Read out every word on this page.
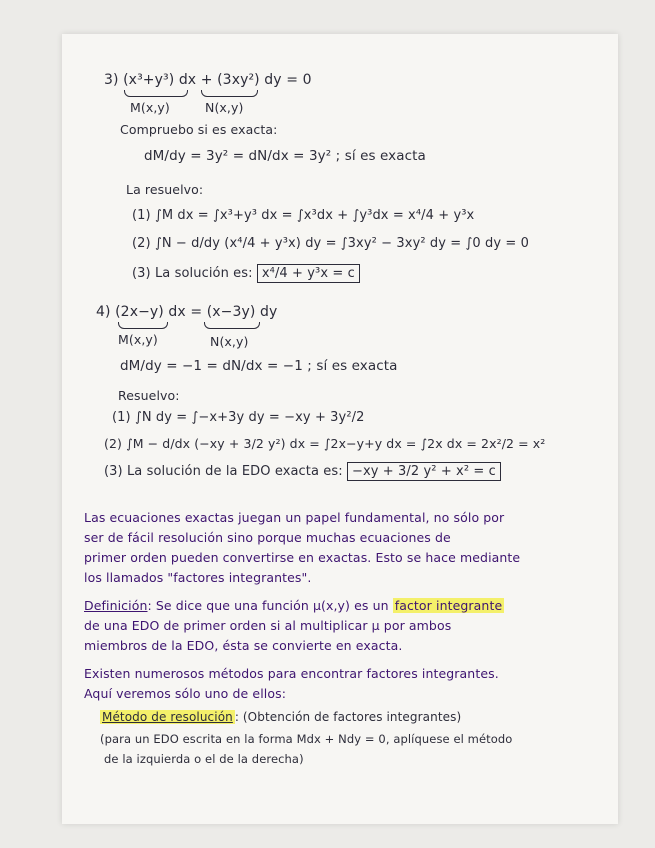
3) (x³+y³) dx + (3xy²) dy = 0
M(x,y)	N(x,y)
Compruebo si es exacta:
dM/dy = 3y² = dN/dx = 3y² ; sí es exacta
La resuelvo:
(1) ∫M dx = ∫x³+y³ dx = ∫x³dx + ∫y³dx = x⁴/4 + y³x
(2) ∫N − d/dy (x⁴/4 + y³x) dy = ∫3xy² − 3xy² dy = ∫0 dy = 0
(3) La solución es: x⁴/4 + y³x = c
4) (2x−y) dx = (x−3y) dy
M(x,y)	N(x,y)
dM/dy = −1 = dN/dx = −1 ; sí es exacta
Resuelvo:
(1) ∫N dy = ∫−x+3y dy = −xy + 3y²/2
(2) ∫M − d/dx (−xy + 3/2 y²) dx = ∫2x−y+y dx = ∫2x dx = 2x²/2 = x²
(3) La solución de la EDO exacta es: −xy + 3/2 y² + x² = c
Las ecuaciones exactas juegan un papel fundamental, no sólo por
ser de fácil resolución sino porque muchas ecuaciones de
primer orden pueden convertirse en exactas. Esto se hace mediante
los llamados "factores integrantes".
Definición: Se dice que una función μ(x,y) es un factor integrante
de una EDO de primer orden si al multiplicar μ por ambos
miembros de la EDO, ésta se convierte en exacta.
Existen numerosos métodos para encontrar factores integrantes.
Aquí veremos sólo uno de ellos:
Método de resolución : (Obtención de factores integrantes)
(para un EDO escrita en la forma Mdx + Ndy = 0, aplíquese el método
de la izquierda o el de la derecha)
